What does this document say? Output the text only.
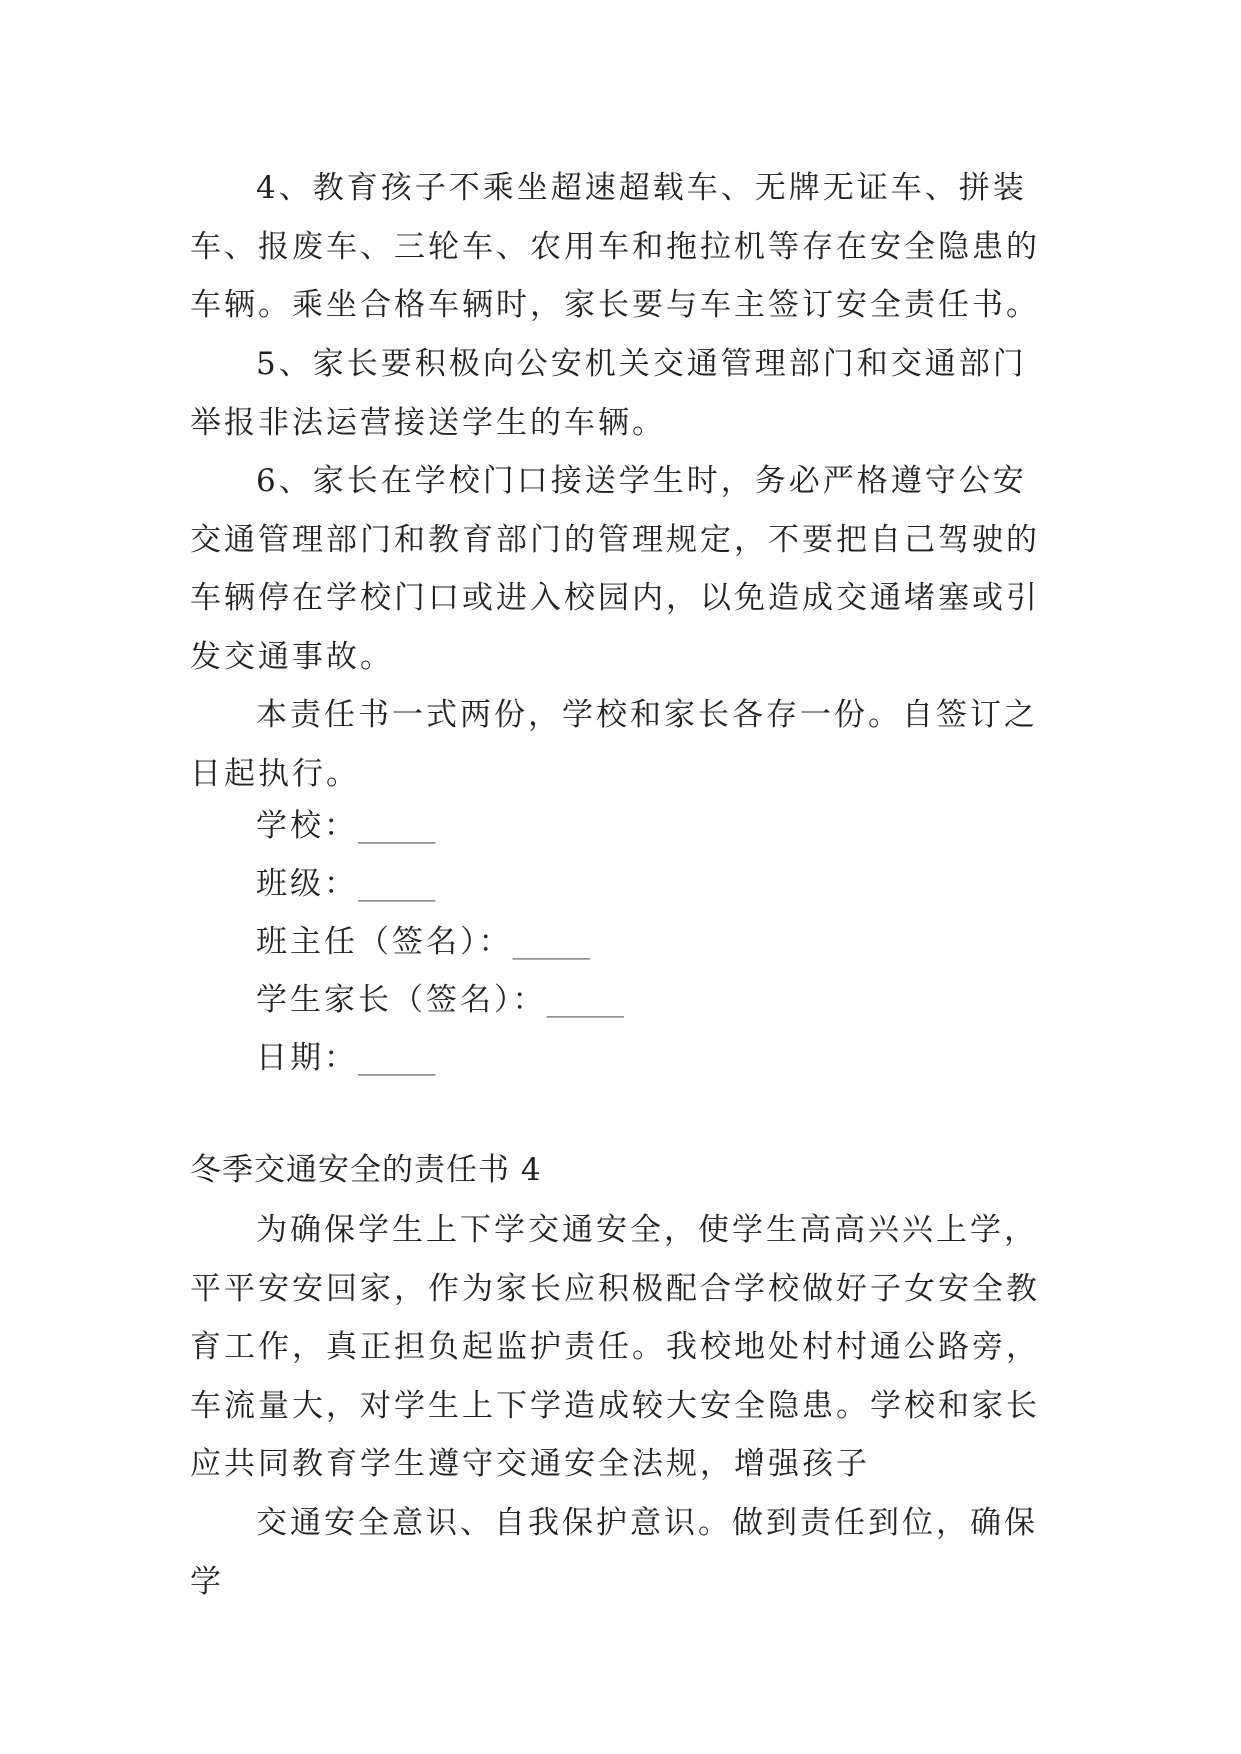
4、教育孩子不乘坐超速超载车、无牌无证车、拼装车、报废车、三轮车、农用车和拖拉机等存在安全隐患的车辆。乘坐合格车辆时，家长要与车主签订安全责任书。

5、家长要积极向公安机关交通管理部门和交通部门举报非法运营接送学生的车辆。

6、家长在学校门口接送学生时，务必严格遵守公安交通管理部门和教育部门的管理规定，不要把自己驾驶的车辆停在学校门口或进入校园内，以免造成交通堵塞或引发交通事故。

本责任书一式两份，学校和家长各存一份。自签订之日起执行。

学校：_____
班级：_____
班主任（签名）：_____
学生家长（签名）：_____
日期：_____
冬季交通安全的责任书 4

为确保学生上下学交通安全，使学生高高兴兴上学，平平安安回家，作为家长应积极配合学校做好子女安全教育工作，真正担负起监护责任。我校地处村村通公路旁，车流量大，对学生上下学造成较大安全隐患。学校和家长应共同教育学生遵守交通安全法规，增强孩子

交通安全意识、自我保护意识。做到责任到位，确保学
